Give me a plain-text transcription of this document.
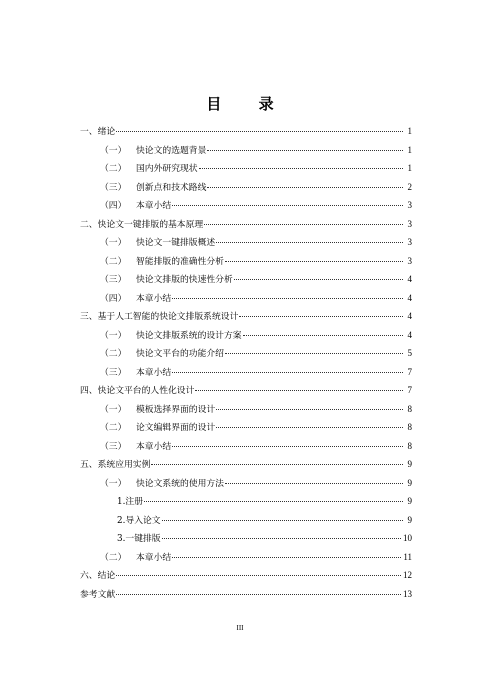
目 录
一、绪论	1
（一） 快论文的选题背景	1
（二） 国内外研究现状	1
（三） 创新点和技术路线	2
（四） 本章小结	3
二、快论文一键排版的基本原理	3
（一） 快论文一键排版概述	3
（二） 智能排版的准确性分析	3
（三） 快论文排版的快速性分析	4
（四） 本章小结	4
三、基于人工智能的快论文排版系统设计	4
（一） 快论文排版系统的设计方案	4
（二） 快论文平台的功能介绍	5
（三） 本章小结	7
四、快论文平台的人性化设计	7
（一） 模板选择界面的设计	8
（二） 论文编辑界面的设计	8
（三） 本章小结	8
五、系统应用实例	9
（一） 快论文系统的使用方法	9
1.注册	9
2.导入论文	9
3.一键排版	10
（二） 本章小结	11
六、结论	12
参考文献	13
III
